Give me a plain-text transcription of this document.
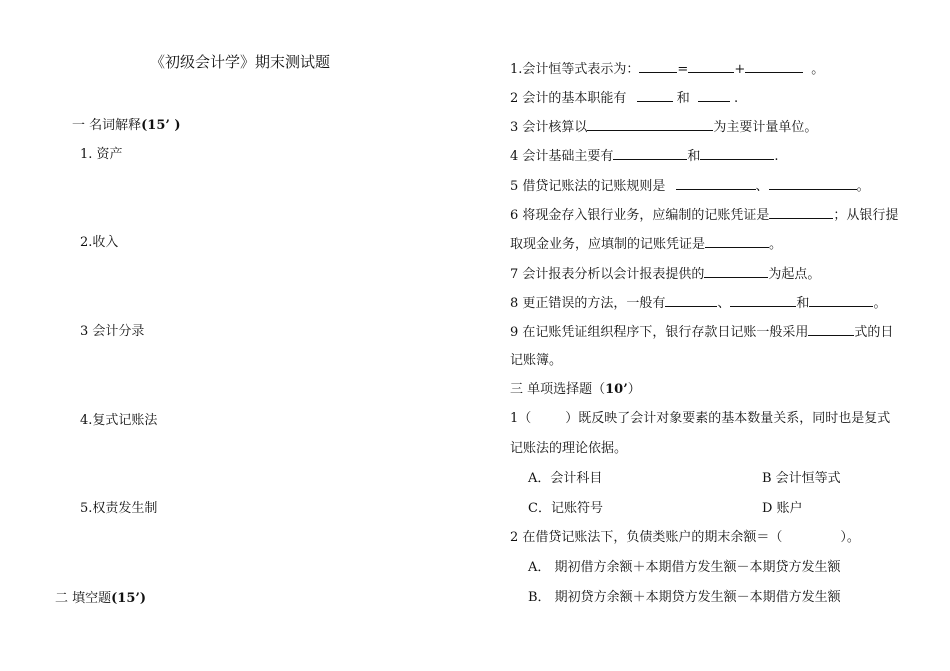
《初级会计学》期末测试题
一 名词解释(15’ )
1. 资产
2.收入
3 会计分录
4.复式记账法
5.权责发生制
二 填空题(15’)
1.会计恒等式表示为：	=	+	。
2 会计的基本职能有	和	.
3 会计核算以	为主要计量单位。
4 会计基础主要有	和	.
5 借贷记账法的记账规则是	、	。
6 将现金存入银行业务，应编制的记账凭证是	；从银行提
取现金业务，应填制的记账凭证是	。
7 会计报表分析以会计报表提供的	为起点。
8 更正错误的方法，一般有	、	和	。
9 在记账凭证组织程序下，银行存款日记账一般采用	式的日
记账簿。
三 单项选择题（10’）
1（	）既反映了会计对象要素的基本数量关系，同时也是复式
记账法的理论依据。
A．会计科目	B 会计恒等式
C．记账符号	D 账户
2 在借贷记账法下，负债类账户的期末余额＝（	）。
A． 期初借方余额＋本期借方发生额－本期贷方发生额
B． 期初贷方余额＋本期贷方发生额－本期借方发生额
